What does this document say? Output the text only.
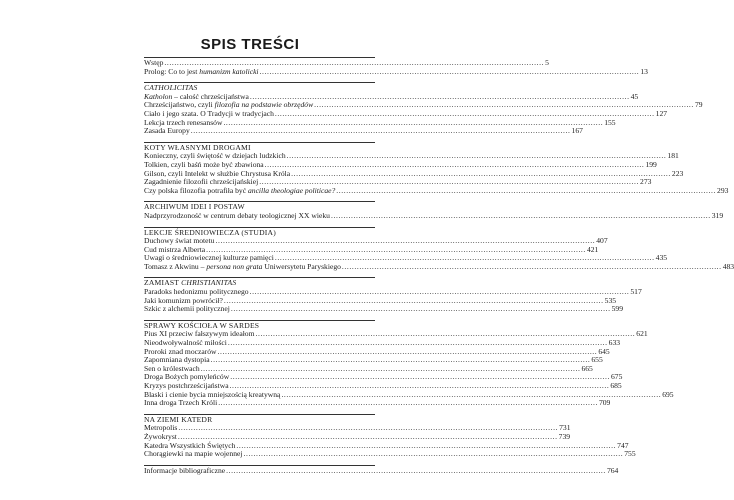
SPIS TREŚCI
Wstęp .....	5
Prolog: Co to jest humanizm katolicki .....	13
CATHOLICITAS
Katholon – całość chrześcijaństwa .....	45
Chrześcijaństwo, czyli filozofia na podstawie obrzędów .....	79
Ciało i jego szata. O Tradycji w tradycjach .....	127
Lekcja trzech renesansów .....	155
Zasada Europy .....	167
KOTY WŁASNYMI DROGAMI
Konieczny, czyli świętość w dziejach ludzkich .....	181
Tolkien, czyli baśń może być zbawiona .....	199
Gilson, czyli Intelekt w służbie Chrystusa Króla .....	223
Zagadnienie filozofii chrześcijańskiej .....	273
Czy polska filozofia potrafiła być ancilla theologiae politicae? .....	293
ARCHIWUM IDEI I POSTAW
Nadprzyrodzoność w centrum debaty teologicznej XX wieku .....	319
LEKCJE ŚREDNIOWIECZA (STUDIA)
Duchowy świat motetu .....	407
Cud mistrza Alberta .....	421
Uwagi o średniowiecznej kulturze pamięci .....	435
Tomasz z Akwinu – persona non grata Uniwersytetu Paryskiego .....	483
ZAMIAST CHRISTIANITAS
Paradoks hedonizmu politycznego .....	517
Jaki komunizm powrócił? .....	535
Szkic z alchemii politycznej .....	599
SPRAWY KOŚCIOŁA W SARDES
Pius XI przeciw fałszywym ideałom .....	621
Nieodwoływalność miłości .....	633
Proroki znad moczarów .....	645
Zapomniana dystopia .....	655
Sen o królestwach .....	665
Droga Bożych pomyleńców .....	675
Kryzys postchrześcijaństwa .....	685
Blaski i cienie bycia mniejszością kreatywną .....	695
Inna droga Trzech Króli .....	709
NA ZIEMI KATEDR
Metropolis .....	731
Żywokryst .....	739
Katedra Wszystkich Świętych .....	747
Chorągiewki na mapie wojennej .....	755
Informacje bibliograficzne .....	764
